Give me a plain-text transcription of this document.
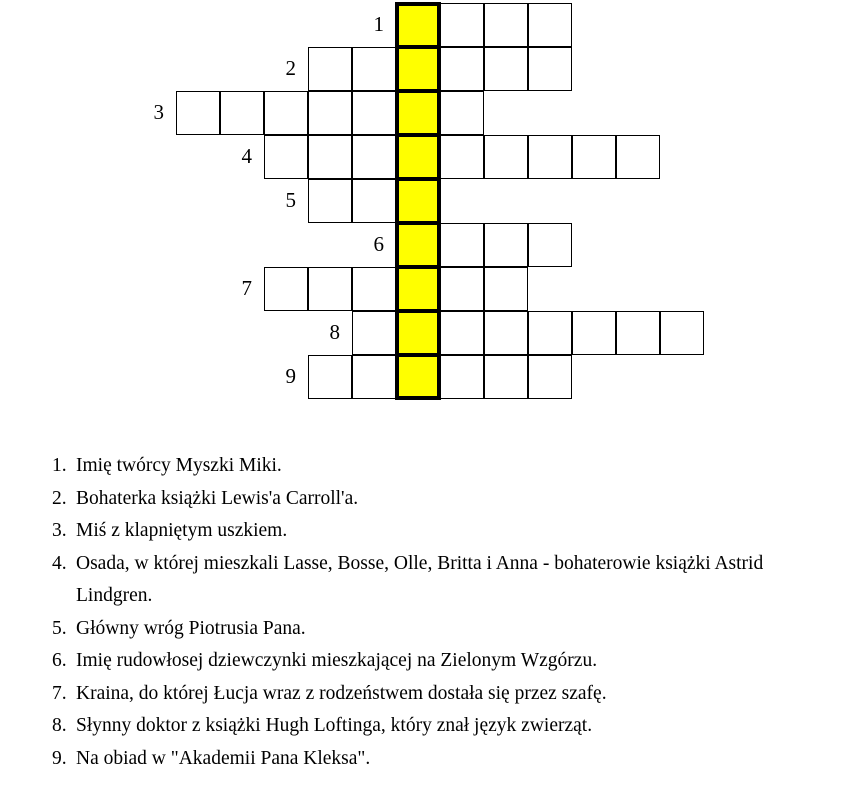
1
2
3
4
5
6
7
8
9
1. Imię twórcy Myszki Miki.
2. Bohaterka książki Lewis'a Carroll'a.
3. Miś z klapniętym uszkiem.
4. Osada, w której mieszkali Lasse, Bosse, Olle, Britta i Anna - bohaterowie książki Astrid Lindgren.
5. Główny wróg Piotrusia Pana.
6. Imię rudowłosej dziewczynki mieszkającej na Zielonym Wzgórzu.
7. Kraina, do której Łucja wraz z rodzeństwem dostała się przez szafę.
8. Słynny doktor z książki Hugh Loftinga, który znał język zwierząt.
9. Na obiad w "Akademii Pana Kleksa".
